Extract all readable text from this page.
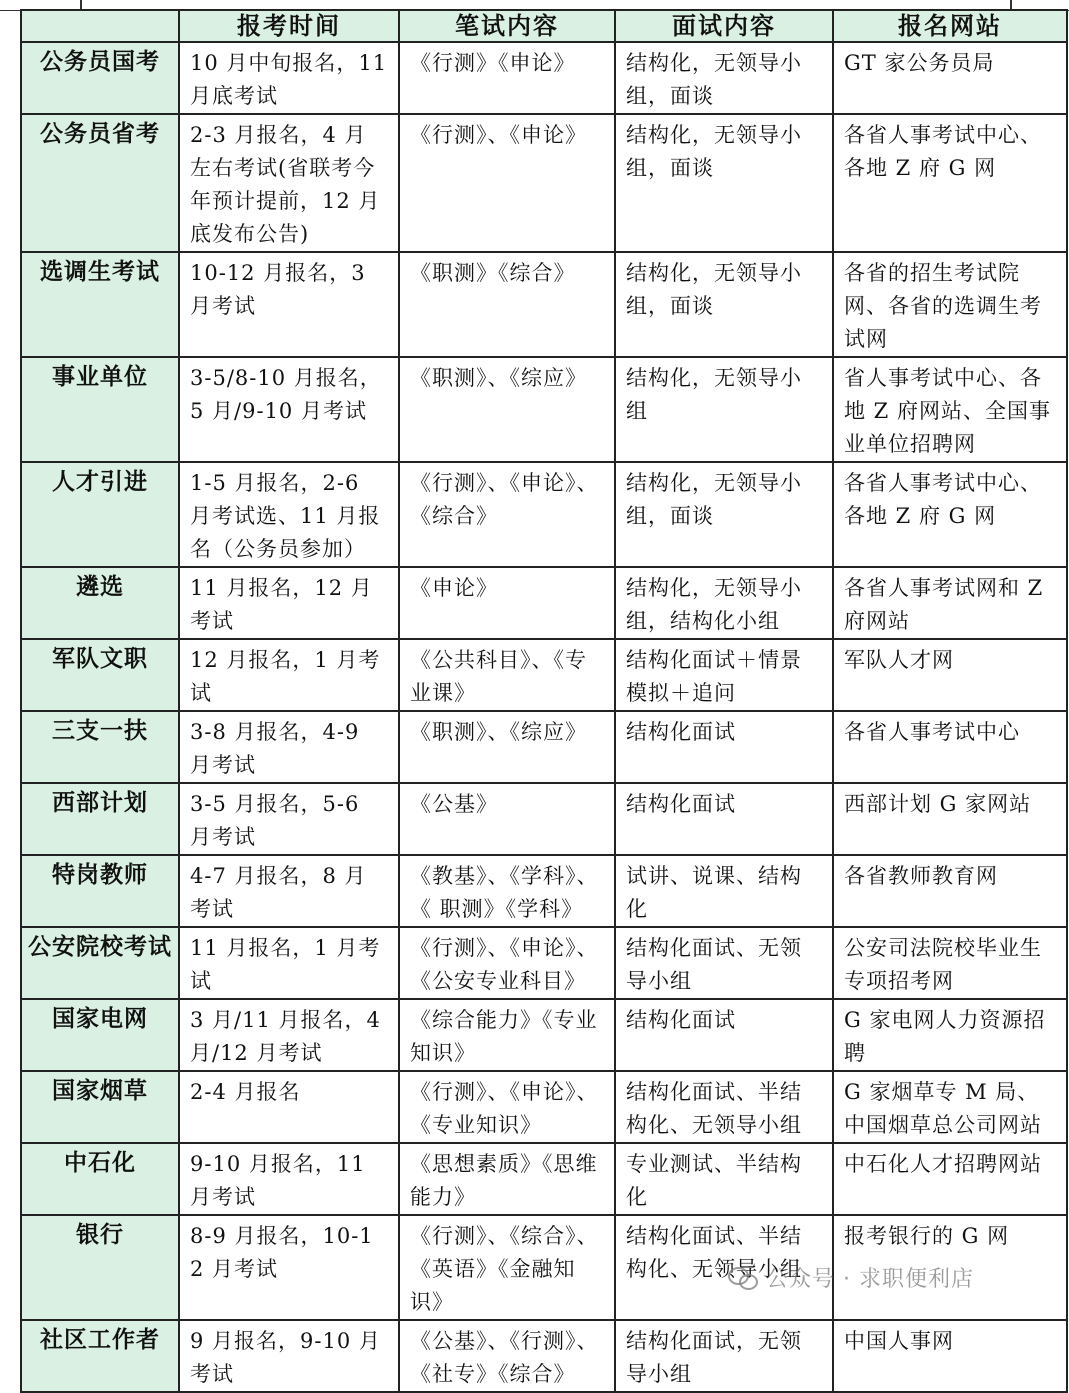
	报考时间	笔试内容	面试内容	报名网站
公务员国考	10 月中旬报名，11 月底考试	《行测》《申论》	结构化，无领导小组，面谈	GT 家公务员局
公务员省考	2-3 月报名，4 月左右考试(省联考今年预计提前，12 月底发布公告)	《行测》、《申论》	结构化，无领导小组，面谈	各省人事考试中心、各地 Z 府 G 网
选调生考试	10-12 月报名，3 月考试	《职测》《综合》	结构化，无领导小组，面谈	各省的招生考试院网、各省的选调生考试网
事业单位	3-5/8-10 月报名，5 月/9-10 月考试	《职测》、《综应》	结构化，无领导小组	省人事考试中心、各地 Z 府网站、全国事业单位招聘网
人才引进	1-5 月报名，2-6 月考试选、11 月报名（公务员参加）	《行测》、《申论》、《综合》	结构化，无领导小组，面谈	各省人事考试中心、各地 Z 府 G 网
遴选	11 月报名，12 月考试	《申论》	结构化，无领导小组，结构化小组	各省人事考试网和 Z 府网站
军队文职	12 月报名，1 月考试	《公共科目》、《专业课》	结构化面试＋情景模拟＋追问	军队人才网
三支一扶	3-8 月报名，4-9 月考试	《职测》、《综应》	结构化面试	各省人事考试中心
西部计划	3-5 月报名，5-6 月考试	《公基》	结构化面试	西部计划 G 家网站
特岗教师	4-7 月报名，8 月考试	《教基》、《学科》、《 职测》《学科》	试讲、说课、结构化	各省教师教育网
公安院校考试	11 月报名，1 月考试	《行测》、《申论》、《公安专业科目》	结构化面试、无领导小组	公安司法院校毕业生专项招考网
国家电网	3 月/11 月报名，4 月/12 月考试	《综合能力》《专业知识》	结构化面试	G 家电网人力资源招聘
国家烟草	2-4 月报名	《行测》、《申论》、《专业知识》	结构化面试、半结构化、无领导小组	G 家烟草专 M 局、中国烟草总公司网站
中石化	9-10 月报名，11 月考试	《思想素质》《思维能力》	专业测试、半结构化	中石化人才招聘网站
银行	8-9 月报名，10-12 月考试	《行测》、《综合》、《英语》《金融知识》	结构化面试、半结构化、无领导小组	报考银行的 G 网
社区工作者	9 月报名，9-10 月考试	《公基》、《行测》、《社专》《综合》	结构化面试，无领导小组	中国人事网
公众号 · 求职便利店
